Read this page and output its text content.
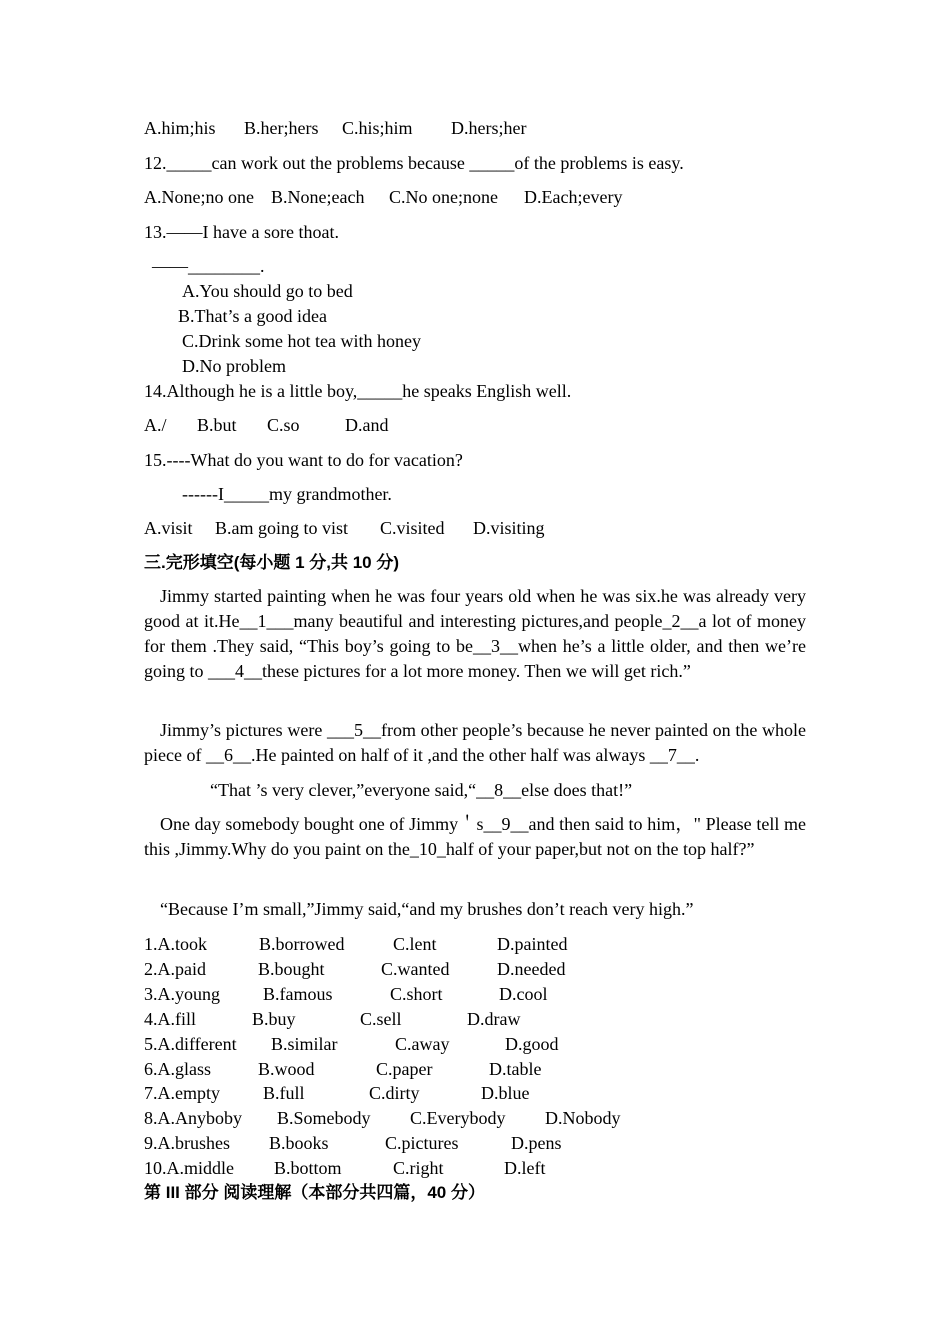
A.him;his B.her;hers C.his;him D.hers;her
12._____can work out the problems because _____of the problems is easy.
A.None;no one B.None;each C.No one;none D.Each;every
13.——I have a sore thoat.
——________.
A.You should go to bed
B.That’s a good idea
C.Drink some hot tea with honey
D.No problem
14.Although he is a little boy,_____he speaks English well.
A./ B.but C.so	D.and
15.----What do you want to do for vacation?
------I_____my grandmother.
A.visit B.am going to vist C.visited D.visiting
三.完形填空(每小题 1 分,共 10 分)
Jimmy started painting when he was four years old when he was six.he was already very good at it.He__1___many beautiful and interesting pictures,and people_2__a lot of money for them .They said, “This boy’s going to be__3__when he’s a little older, and then we’re going to ___4__these pictures for a lot more money. Then we will get rich.”
Jimmy’s pictures were ___5__from other people’s because he never painted on the whole piece of __6__.He painted on half of it ,and the other half was always __7__.
“That ’s very clever,”everyone said,“__8__else does that!”
One day somebody bought one of Jimmy＇s__9__and then said to him，" Please tell me this ,Jimmy.Why do you paint on the_10_half of your paper,but not on the top half?”
“Because I’m small,”Jimmy said,“and my brushes don’t reach very high.”
1.A.took	B.borrowed	C.lent	D.painted
2.A.paid	B.bought	C.wanted	D.needed
3.A.young B.famous	C.short	D.cool
4.A.fill	B.buy	C.sell	D.draw
5.A.different B.similar	C.away	D.good
6.A.glass	B.wood	C.paper	D.table
7.A.empty B.full	C.dirty	D.blue
8.A.Anyboby B.Somebody C.Everybody D.Nobody
9.A.brushes B.books	C.pictures	D.pens
10.A.middle B.bottom	C.right	D.left
第 III 部分 阅读理解（本部分共四篇，40 分）
